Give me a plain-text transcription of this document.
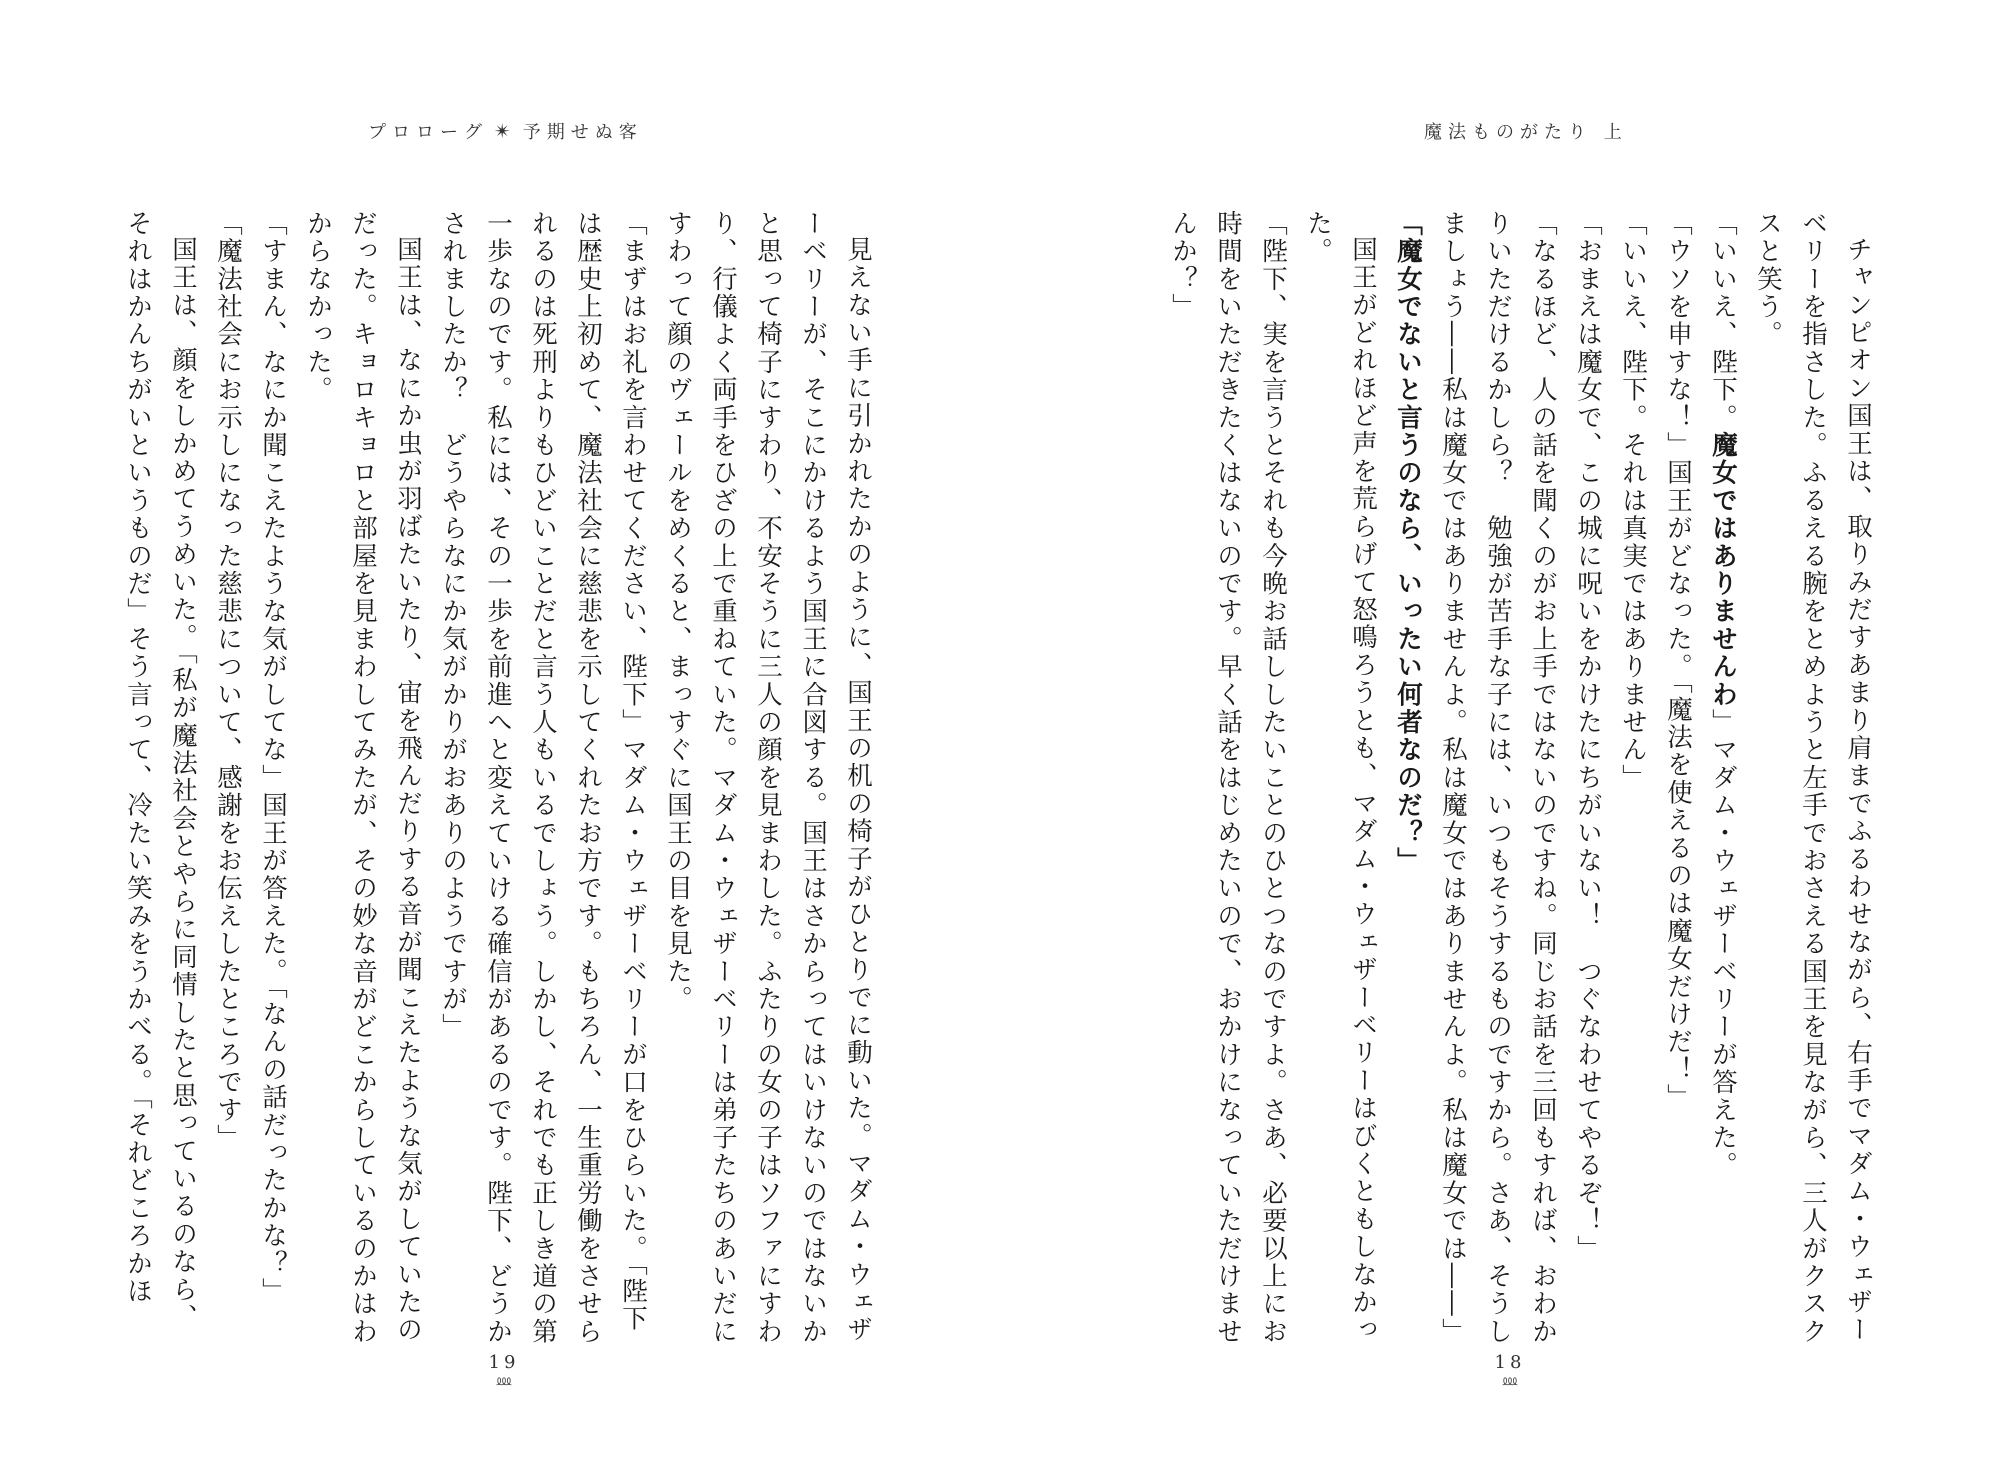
プロローグ ✴ 予期せぬ客

見えない手に引かれたかのように、国王の机の椅子がひとりでに動いた。マダム・ウェザーベリーが、そこにかけるよう国王に合図する。国王はさからってはいけないのではないかと思って椅子にすわり、不安そうに三人の顔を見まわした。ふたりの女の子はソファにすわり、行儀よく両手をひざの上で重ねていた。マダム・ウェザーベリーは弟子たちのあいだにすわって顔のヴェールをめくると、まっすぐに国王の目を見た。

「まずはお礼を言わせてください、陛下」マダム・ウェザーベリーが口をひらいた。「陛下は歴史上初めて、魔法社会に慈悲を示してくれたお方です。もちろん、一生重労働をさせられるのは死刑よりもひどいことだと言う人もいるでしょう。しかし、それでも正しき道の第一歩なのです。私には、その一歩を前進へと変えていける確信があるのです。陛下、どうかされましたか？　どうやらなにか気がかりがおありのようですが」

国王は、なにか虫が羽ばたいたり、宙を飛んだりする音が聞こえたような気がしていたのだった。キョロキョロと部屋を見まわしてみたが、その妙な音がどこからしているのかはわからなかった。

「すまん、なにか聞こえたような気がしてな」国王が答えた。「なんの話だったかな？」

「魔法社会にお示しになった慈悲について、感謝をお伝えしたところです」

国王は、顔をしかめてうめいた。「私が魔法社会とやらに同情したと思っているのなら、それはかんちがいというものだ」そう言って、冷たい笑みをうかべる。「それどころかほ

19
⅏
魔法ものがたり 上

チャンピオン国王は、取りみだすあまり肩までふるわせながら、右手でマダム・ウェザーベリーを指さした。ふるえる腕をとめようと左手でおさえる国王を見ながら、三人がクスクスと笑う。

「いいえ、陛下。魔女ではありませんわ」マダム・ウェザーベリーが答えた。

「ウソを申すな！」国王がどなった。「魔法を使えるのは魔女だけだ！」

「いいえ、陛下。それは真実ではありません」

「おまえは魔女で、この城に呪いをかけたにちがいない！　つぐなわせてやるぞ！」

「なるほど、人の話を聞くのがお上手ではないのですね。同じお話を三回もすれば、おわかりいただけるかしら？　勉強が苦手な子には、いつもそうするものですから。さあ、そうしましょう――私は魔女ではありませんよ。私は魔女ではありませんよ。私は魔女では――」

「魔女でないと言うのなら、いったい何者なのだ？」

国王がどれほど声を荒らげて怒鳴ろうとも、マダム・ウェザーベリーはびくともしなかった。

「陛下、実を言うとそれも今晩お話ししたいことのひとつなのですよ。さあ、必要以上にお時間をいただきたくはないのです。早く話をはじめたいので、おかけになっていただけませんか？」

18
⅏
